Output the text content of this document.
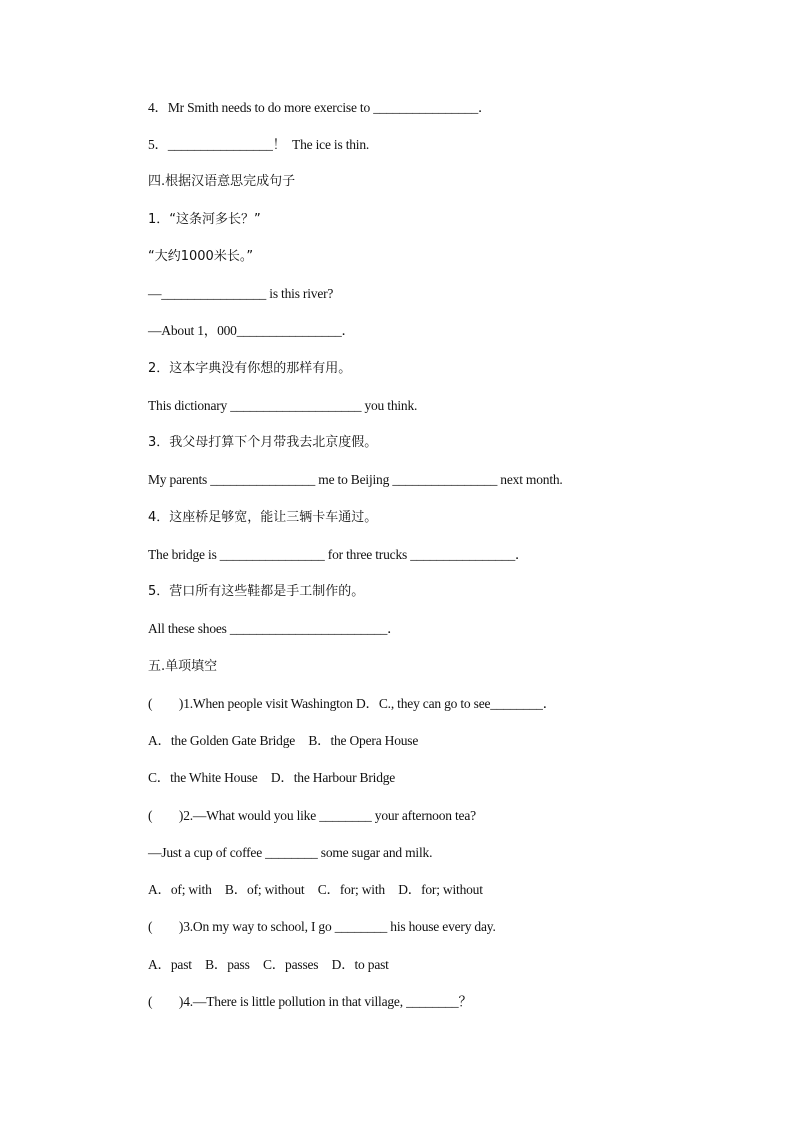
4．Mr Smith needs to do more exercise to ________________．
5．________________！  The ice is thin.
四.根据汉语意思完成句子
1．“这条河多长？”
“大约1000米长。”
—________________ is this river?
—About 1，000________________．
2．这本字典没有你想的那样有用。
This dictionary ____________________ you think.
3．我父母打算下个月带我去北京度假。
My parents ________________ me to Beijing ________________ next month.
4．这座桥足够宽，能让三辆卡车通过。
The bridge is ________________ for three trucks ________________．
5．营口所有这些鞋都是手工制作的。
All these shoes ________________________．
五.单项填空
(　　)1.When people visit Washington D．C., they can go to see________．
A．the Golden Gate Bridge　B．the Opera House
C．the White House　D．the Harbour Bridge
(　　)2.—What would you like ________ your afternoon tea?
—Just a cup of coffee ________ some sugar and milk.
A．of; with　B．of; without　C．for; with　D．for; without
(　　)3.On my way to school, I go ________ his house every day.
A．past　B．pass　C．passes　D．to past
(　　)4.—There is little pollution in that village, ________？
